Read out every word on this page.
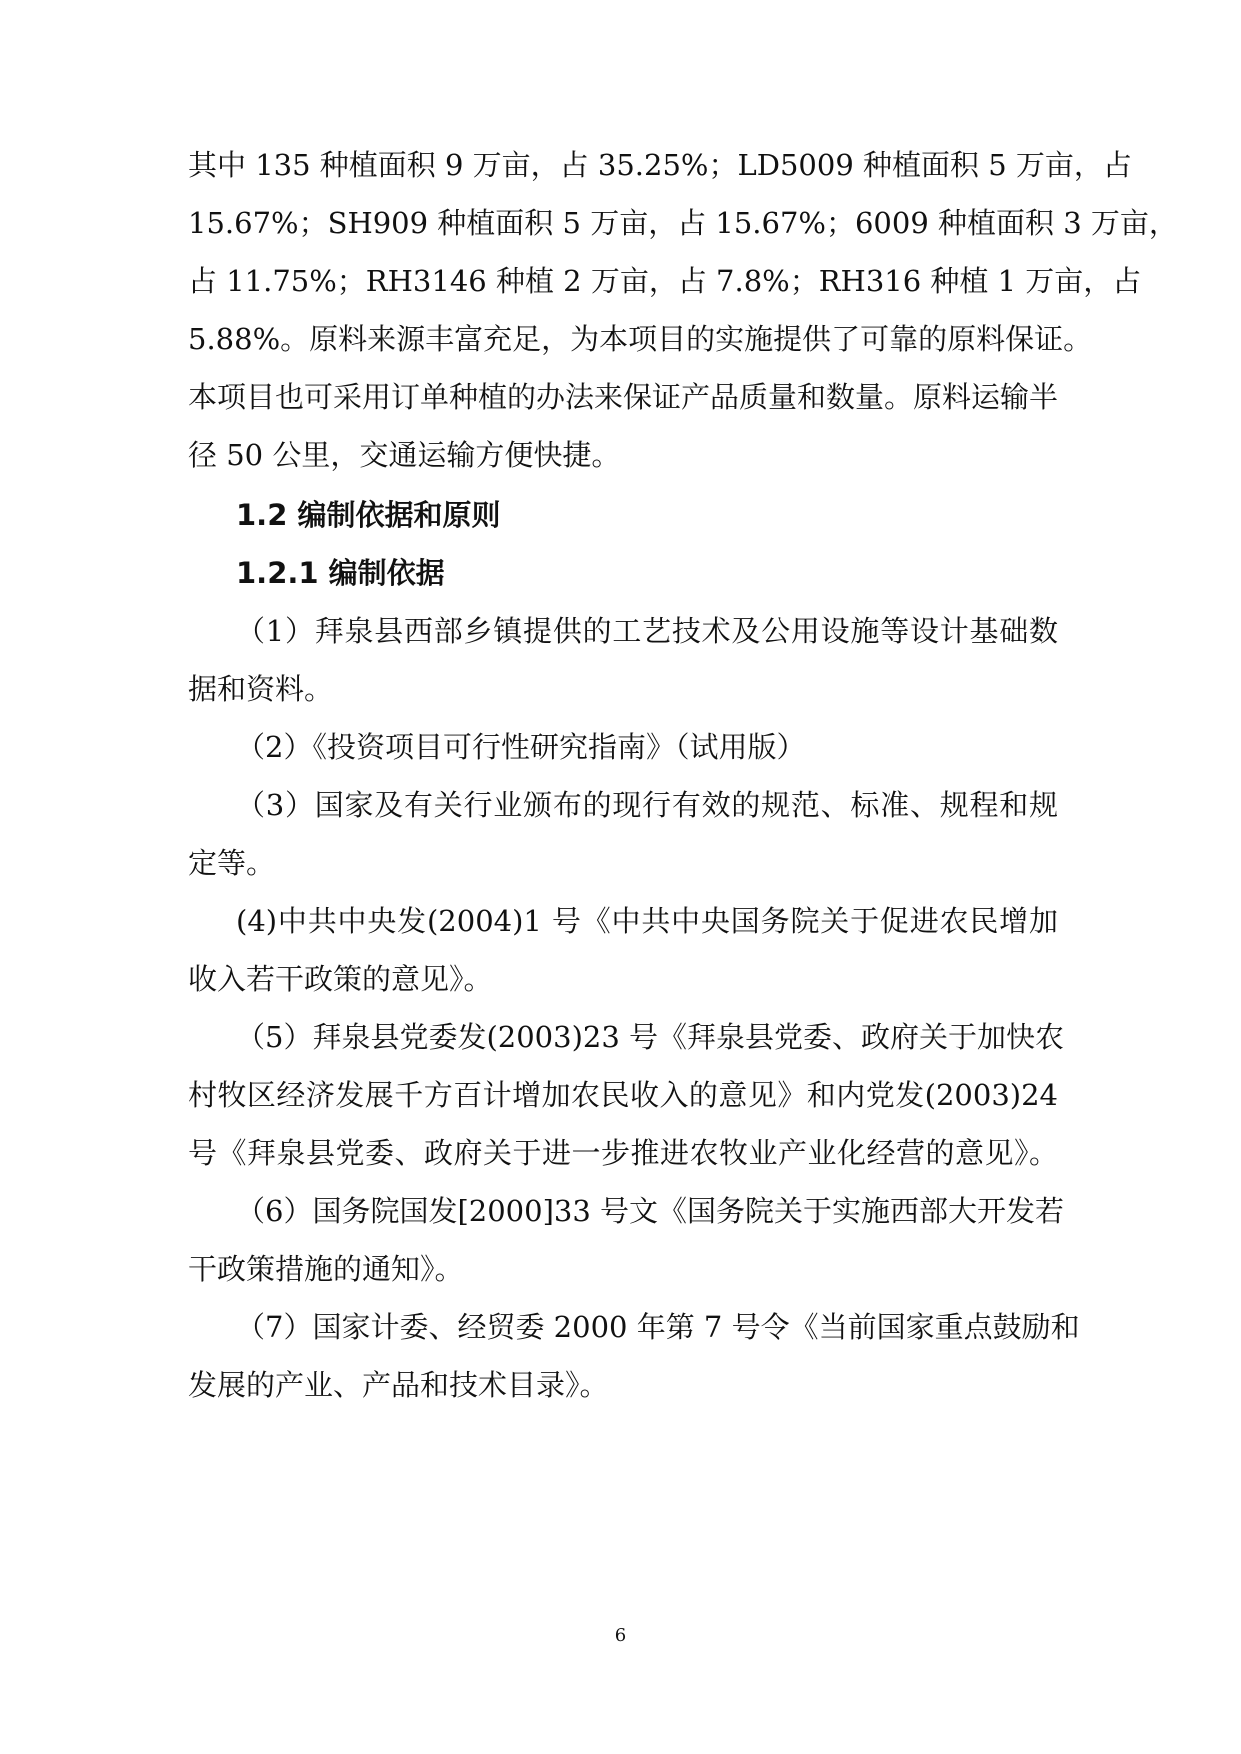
其中 135 种植面积 9 万亩，占 35.25%；LD5009 种植面积 5 万亩，占
15.67%；SH909 种植面积 5 万亩，占 15.67%；6009 种植面积 3 万亩，
占 11.75%；RH3146 种植 2 万亩，占 7.8%；RH316 种植 1 万亩，占
5.88%。原料来源丰富充足，为本项目的实施提供了可靠的原料保证。
本项目也可采用订单种植的办法来保证产品质量和数量。原料运输半
径 50 公里，交通运输方便快捷。
1.2 编制依据和原则
1.2.1 编制依据
（1）拜泉县西部乡镇提供的工艺技术及公用设施等设计基础数
据和资料。
（2）《投资项目可行性研究指南》（试用版）
（3）国家及有关行业颁布的现行有效的规范、标准、规程和规
定等。
(4)中共中央发(2004)1 号《中共中央国务院关于促进农民增加
收入若干政策的意见》。
（5）拜泉县党委发(2003)23 号《拜泉县党委、政府关于加快农
村牧区经济发展千方百计增加农民收入的意见》和内党发(2003)24
号《拜泉县党委、政府关于进一步推进农牧业产业化经营的意见》。
（6）国务院国发[2000]33 号文《国务院关于实施西部大开发若
干政策措施的通知》。
（7）国家计委、经贸委 2000 年第 7 号令《当前国家重点鼓励和
发展的产业、产品和技术目录》。
6
